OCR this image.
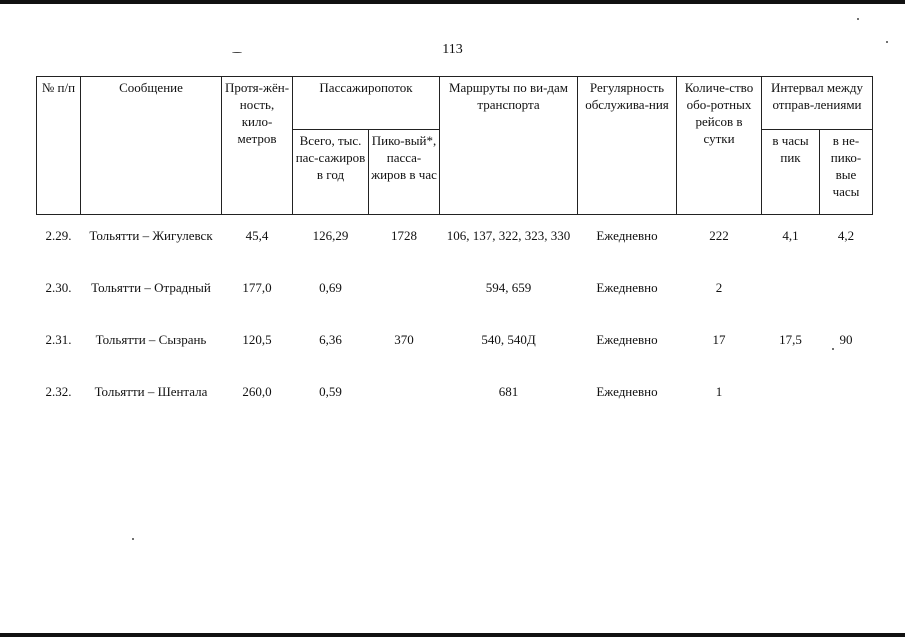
113
№ п/п	Сообщение	Протя-жён-ность, кило-метров	Пассажиропоток		Маршруты по ви-дам транспорта	Регулярность обслужива-ния	Количе-ство обо-ротных рейсов в сутки	Интервал между отправ-лениями	
			Всего, тыс. пас-сажиров в год	Пико-вый*, пасса-жиров в час				в часы пик	в не-пико-вые часы

2.29.	Тольятти – Жигулевск	45,4	126,29	1728	106, 137, 322, 323, 330	Ежедневно	222	4,1	4,2
2.30.	Тольятти – Отрадный	177,0	0,69		594, 659	Ежедневно	2		
2.31.	Тольятти – Сызрань	120,5	6,36	370	540, 540Д	Ежедневно	17	17,5	90
2.32.	Тольятти – Шентала	260,0	0,59		681	Ежедневно	1		
